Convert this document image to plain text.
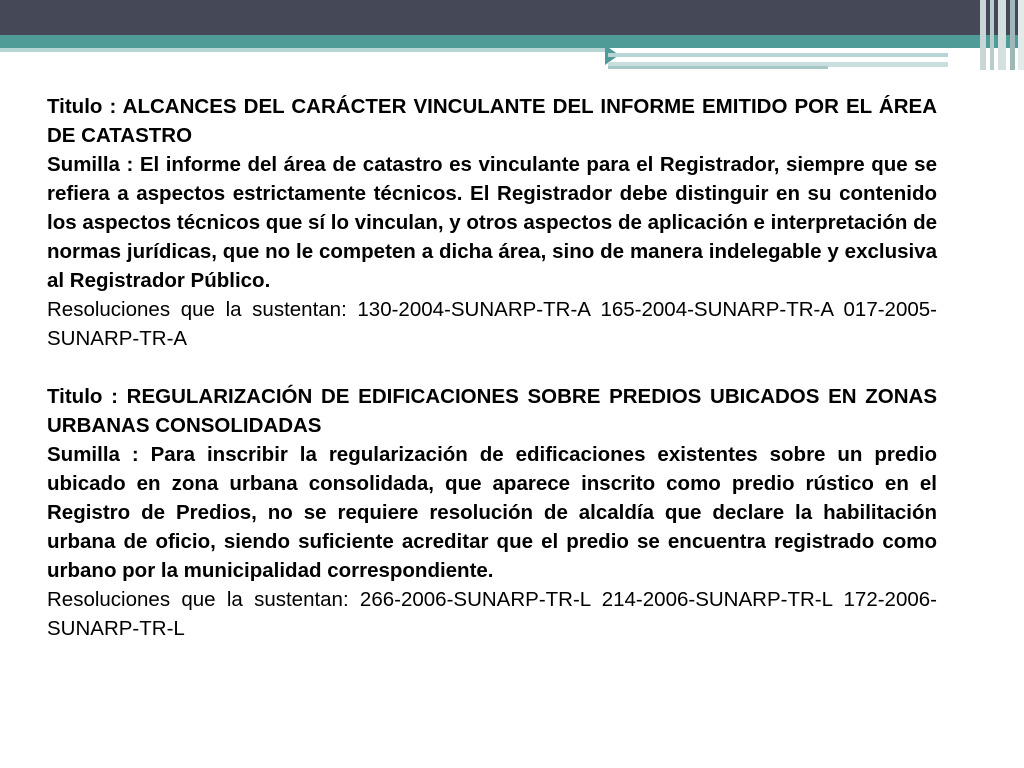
Titulo : ALCANCES DEL CARÁCTER VINCULANTE DEL INFORME EMITIDO POR EL ÁREA DE CATASTRO

Sumilla : El informe del área de catastro es vinculante para el Registrador, siempre que se refiera a aspectos estrictamente técnicos. El Registrador debe distinguir en su contenido los aspectos técnicos que sí lo vinculan, y otros aspectos de aplicación e interpretación de normas jurídicas, que no le competen a dicha área, sino de manera indelegable y exclusiva al Registrador Público.

Resoluciones que la sustentan: 130-2004-SUNARP-TR-A 165-2004-SUNARP-TR-A 017-2005-SUNARP-TR-A

Titulo : REGULARIZACIÓN DE EDIFICACIONES SOBRE PREDIOS UBICADOS EN ZONAS URBANAS CONSOLIDADAS

Sumilla : Para inscribir la regularización de edificaciones existentes sobre un predio ubicado en zona urbana consolidada, que aparece inscrito como predio rústico en el Registro de Predios, no se requiere resolución de alcaldía que declare la habilitación urbana de oficio, siendo suficiente acreditar que el predio se encuentra registrado como urbano por la municipalidad correspondiente.

Resoluciones que la sustentan: 266-2006-SUNARP-TR-L 214-2006-SUNARP-TR-L 172-2006-SUNARP-TR-L
